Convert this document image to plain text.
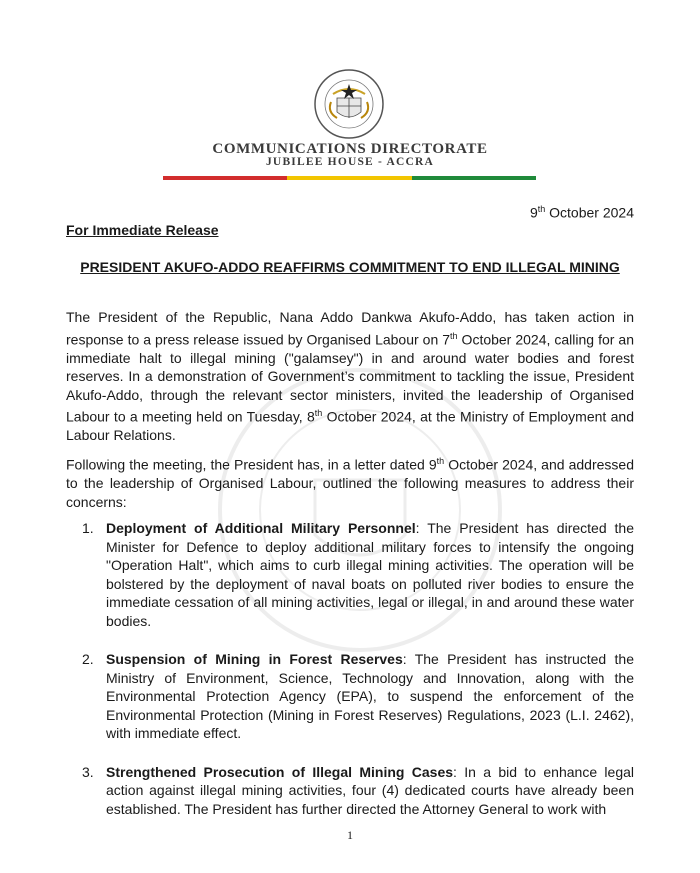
COMMUNICATIONS DIRECTORATE
JUBILEE HOUSE - ACCRA
9th October 2024
For Immediate Release
PRESIDENT AKUFO-ADDO REAFFIRMS COMMITMENT TO END ILLEGAL MINING

The President of the Republic, Nana Addo Dankwa Akufo-Addo, has taken action in response to a press release issued by Organised Labour on 7th October 2024, calling for an immediate halt to illegal mining ("galamsey") in and around water bodies and forest reserves. In a demonstration of Government’s commitment to tackling the issue, President Akufo-Addo, through the relevant sector ministers, invited the leadership of Organised Labour to a meeting held on Tuesday, 8th October 2024, at the Ministry of Employment and Labour Relations.

Following the meeting, the President has, in a letter dated 9th October 2024, and addressed to the leadership of Organised Labour, outlined the following measures to address their concerns:

1. Deployment of Additional Military Personnel: The President has directed the Minister for Defence to deploy additional military forces to intensify the ongoing "Operation Halt", which aims to curb illegal mining activities. The operation will be bolstered by the deployment of naval boats on polluted river bodies to ensure the immediate cessation of all mining activities, legal or illegal, in and around these water bodies.
2. Suspension of Mining in Forest Reserves: The President has instructed the Ministry of Environment, Science, Technology and Innovation, along with the Environmental Protection Agency (EPA), to suspend the enforcement of the Environmental Protection (Mining in Forest Reserves) Regulations, 2023 (L.I. 2462), with immediate effect.
3. Strengthened Prosecution of Illegal Mining Cases: In a bid to enhance legal action against illegal mining activities, four (4) dedicated courts have already been established. The President has further directed the Attorney General to work with
1
